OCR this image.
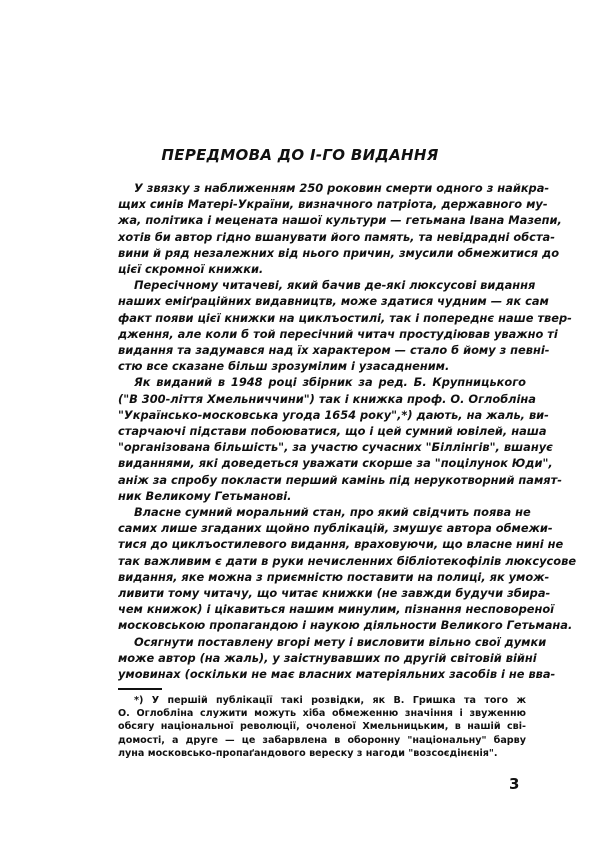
ПЕРЕДМОВА ДО І-ГО ВИДАННЯ
У звязку з наближенням 250 роковин смерти одного з найкра-
щих синів Матері-України, визначного патріота, державного му-
жа, політика і мецената нашої культури — гетьмана Івана Мазепи,
хотів би автор гідно вшанувати його память, та невідрадні обста-
вини й ряд незалежних від нього причин, змусили обмежитися до
цієї скромної книжки.
Пересічному читачеві, який бачив де-які люксусові видання
наших еміґраційних видавництв, може здатися чудним — як сам
факт появи цієї книжки на циклъостилі, так і попереднє наше твер-
дження, але коли б той пересічний читач простудіював уважно ті
видання та задумався над їх характером — стало б йому з певні-
стю все сказане більш зрозумілим і узасадненим.
Як виданий в 1948 році збірник за ред. Б. Крупницького
("В 300-ліття Хмельниччини") так і книжка проф. О. Оглобліна
"Українсько-московська угода 1654 року",*) дають, на жаль, ви-
старчаючі підстави побоюватися, що і цей сумний ювілей, наша
"організована більшість", за участю сучасних "Біллінгів", вшанує
виданнями, які доведеться уважати скорше за "поцілунок Юди",
аніж за спробу покласти перший камінь під нерукотворний памят-
ник Великому Гетьманові.
Власне сумний моральний стан, про який свідчить поява не
самих лише згаданих щойно публікацій, змушує автора обмежи-
тися до циклъостилевого видання, враховуючи, що власне нині не
так важливим є дати в руки нечисленних бібліотекофілів люксусове
видання, яке можна з приємністю поставити на полиці, як умож-
ливити тому читачу, що читає книжки (не завжди будучи збира-
чем книжок) і цікавиться нашим минулим, пізнання несповореної
московською пропагандою і наукою діяльности Великого Гетьмана.
Осягнути поставлену вгорі мету і висловити вільно свої думки
може автор (на жаль), у заістнувавших по другій світовій війні
умовинах (оскільки не має власних матеріяльних засобів і не вва-
*) У першій публікації такі розвідки, як В. Гришка та того ж
О. Оглобліна служити можуть хіба обмеженню значіння і звуженню
обсягу національної революції, очоленої Хмельницьким, в нашій сві-
домості, а друге — це забарвлена в оборонну "національну" барву
луна московсько-пропаґандового вереску з нагоди "возсоєдінєнія".
3
